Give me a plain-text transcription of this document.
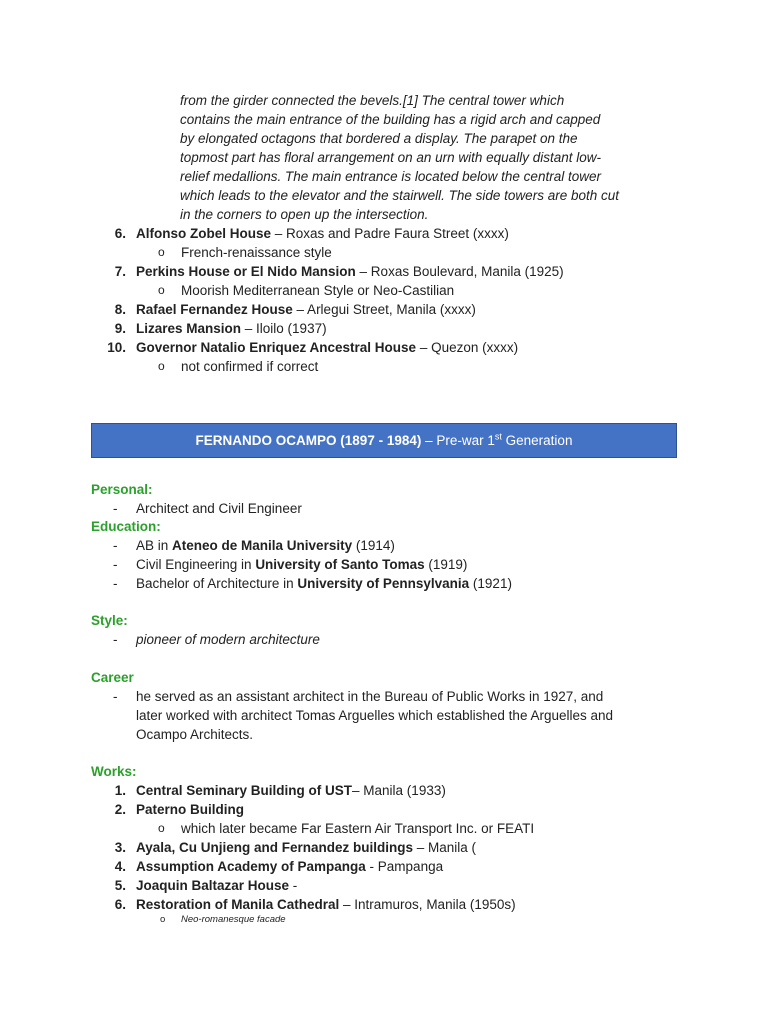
from the girder connected the bevels.[1] The central tower which
contains the main entrance of the building has a rigid arch and capped
by elongated octagons that bordered a display. The parapet on the
topmost part has floral arrangement on an urn with equally distant low-
relief medallions. The main entrance is located below the central tower
which leads to the elevator and the stairwell. The side towers are both cut
in the corners to open up the intersection.
6. Alfonso Zobel House – Roxas and Padre Faura Street (xxxx)
o French-renaissance style
7. Perkins House or El Nido Mansion – Roxas Boulevard, Manila (1925)
o Moorish Mediterranean Style or Neo-Castilian
8. Rafael Fernandez House – Arlegui Street, Manila (xxxx)
9. Lizares Mansion – Iloilo (1937)
10. Governor Natalio Enriquez Ancestral House – Quezon (xxxx)
o not confirmed if correct
FERNANDO OCAMPO (1897 - 1984) – Pre-war 1st Generation
Personal:
- Architect and Civil Engineer
Education:
- AB in Ateneo de Manila University (1914)
- Civil Engineering in University of Santo Tomas (1919)
- Bachelor of Architecture in University of Pennsylvania (1921)
Style:
- pioneer of modern architecture
Career
- he served as an assistant architect in the Bureau of Public Works in 1927, and
later worked with architect Tomas Arguelles which established the Arguelles and
Ocampo Architects.
Works:
1. Central Seminary Building of UST– Manila (1933)
2. Paterno Building
o which later became Far Eastern Air Transport Inc. or FEATI
3. Ayala, Cu Unjieng and Fernandez buildings – Manila (
4. Assumption Academy of Pampanga - Pampanga
5. Joaquin Baltazar House -
6. Restoration of Manila Cathedral – Intramuros, Manila (1950s)
o Neo-romanesque facade
